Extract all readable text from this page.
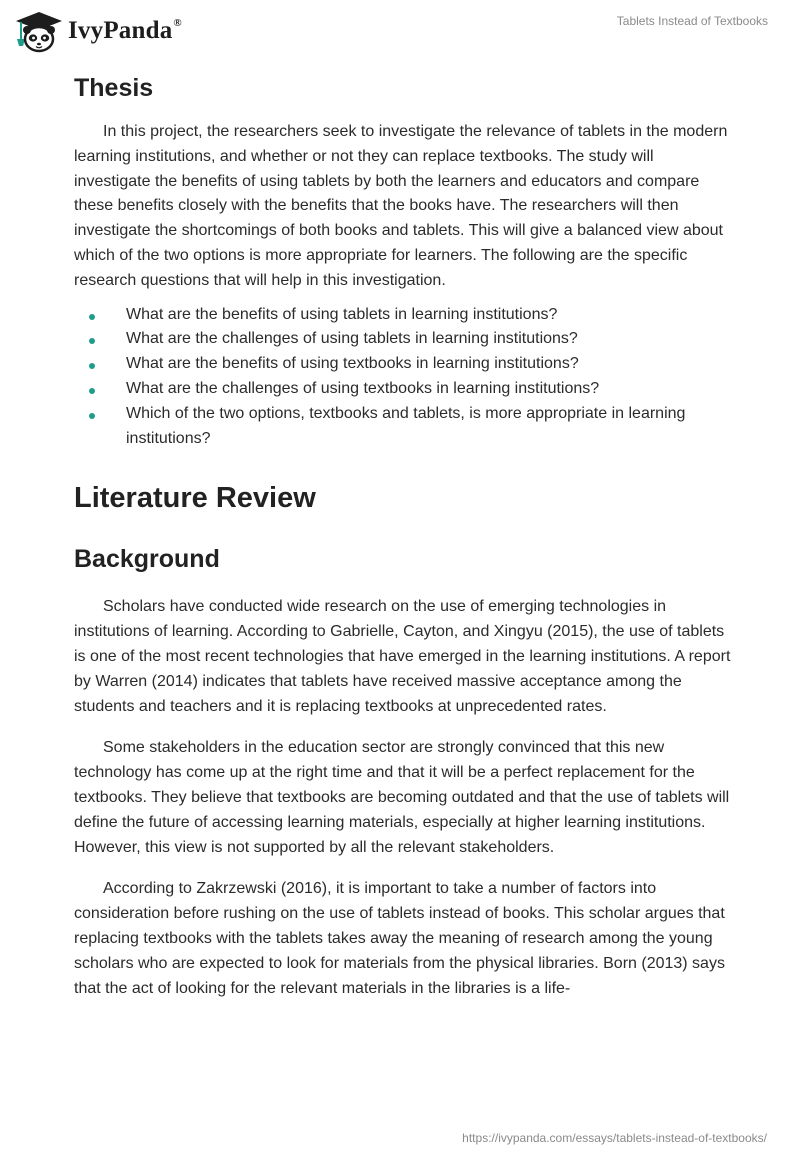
IvyPanda®	Tablets Instead of Textbooks
Thesis

In this project, the researchers seek to investigate the relevance of tablets in the modern learning institutions, and whether or not they can replace textbooks. The study will investigate the benefits of using tablets by both the learners and educators and compare these benefits closely with the benefits that the books have. The researchers will then investigate the shortcomings of both books and tablets. This will give a balanced view about which of the two options is more appropriate for learners. The following are the specific research questions that will help in this investigation.

What are the benefits of using tablets in learning institutions?
What are the challenges of using tablets in learning institutions?
What are the benefits of using textbooks in learning institutions?
What are the challenges of using textbooks in learning institutions?
Which of the two options, textbooks and tablets, is more appropriate in learning institutions?
Literature Review
Background

Scholars have conducted wide research on the use of emerging technologies in institutions of learning. According to Gabrielle, Cayton, and Xingyu (2015), the use of tablets is one of the most recent technologies that have emerged in the learning institutions. A report by Warren (2014) indicates that tablets have received massive acceptance among the students and teachers and it is replacing textbooks at unprecedented rates.

Some stakeholders in the education sector are strongly convinced that this new technology has come up at the right time and that it will be a perfect replacement for the textbooks. They believe that textbooks are becoming outdated and that the use of tablets will define the future of accessing learning materials, especially at higher learning institutions. However, this view is not supported by all the relevant stakeholders.

According to Zakrzewski (2016), it is important to take a number of factors into consideration before rushing on the use of tablets instead of books. This scholar argues that replacing textbooks with the tablets takes away the meaning of research among the young scholars who are expected to look for materials from the physical libraries. Born (2013) says that the act of looking for the relevant materials in the libraries is a life-

https://ivypanda.com/essays/tablets-instead-of-textbooks/
